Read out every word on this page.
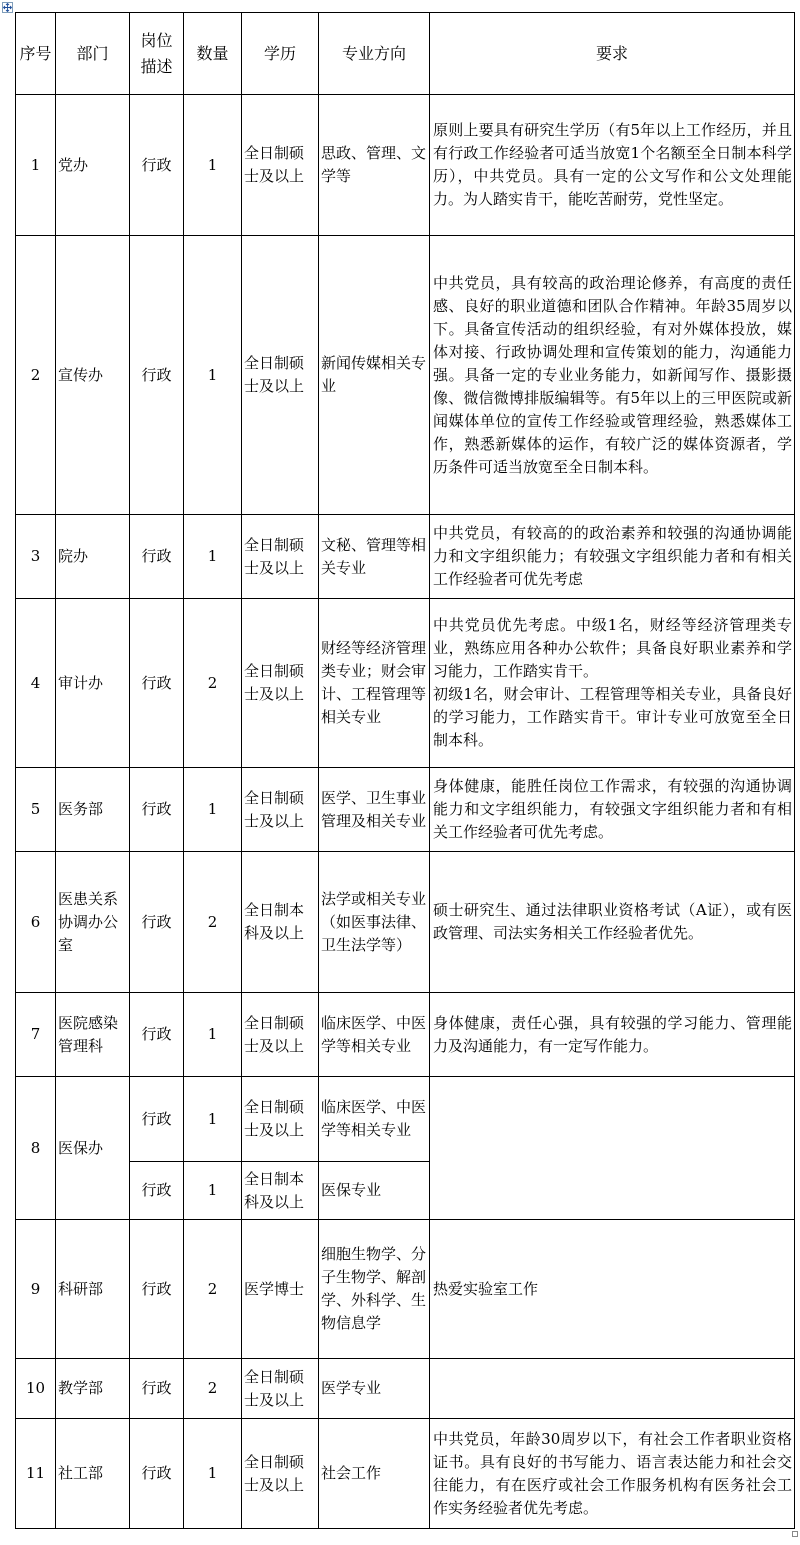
序号	部门	岗位描述	数量	学历	专业方向	要求
1	党办	行政	1	全日制硕士及以上	思政、管理、文学等	原则上要具有研究生学历（有5年以上工作经历，并且有行政工作经验者可适当放宽1个名额至全日制本科学历），中共党员。具有一定的公文写作和公文处理能力。为人踏实肯干，能吃苦耐劳，党性坚定。
2	宣传办	行政	1	全日制硕士及以上	新闻传媒相关专业	中共党员，具有较高的政治理论修养，有高度的责任感、良好的职业道德和团队合作精神。年龄35周岁以下。具备宣传活动的组织经验，有对外媒体投放，媒体对接、行政协调处理和宣传策划的能力，沟通能力强。具备一定的专业业务能力，如新闻写作、摄影摄像、微信微博排版编辑等。有5年以上的三甲医院或新闻媒体单位的宣传工作经验或管理经验，熟悉媒体工作，熟悉新媒体的运作，有较广泛的媒体资源者，学历条件可适当放宽至全日制本科。
3	院办	行政	1	全日制硕士及以上	文秘、管理等相关专业	中共党员，有较高的的政治素养和较强的沟通协调能力和文字组织能力；有较强文字组织能力者和有相关工作经验者可优先考虑
4	审计办	行政	2	全日制硕士及以上	财经等经济管理类专业；财会审计、工程管理等相关专业	中共党员优先考虑。中级1名，财经等经济管理类专业，熟练应用各种办公软件；具备良好职业素养和学习能力，工作踏实肯干。
初级1名，财会审计、工程管理等相关专业，具备良好的学习能力，工作踏实肯干。审计专业可放宽至全日制本科。

5	医务部	行政	1	全日制硕士及以上	医学、卫生事业管理及相关专业	身体健康，能胜任岗位工作需求，有较强的沟通协调能力和文字组织能力，有较强文字组织能力者和有相关工作经验者可优先考虑。
6	医患关系协调办公室	行政	2	全日制本科及以上	法学或相关专业（如医事法律、卫生法学等）	硕士研究生、通过法律职业资格考试（A证），或有医政管理、司法实务相关工作经验者优先。
7	医院感染管理科	行政	1	全日制硕士及以上	临床医学、中医学等相关专业	身体健康，责任心强，具有较强的学习能力、管理能力及沟通能力，有一定写作能力。
8	医保办	行政	1	全日制硕士及以上	临床医学、中医学等相关专业	
		行政	1	全日制本科及以上	医保专业	
9	科研部	行政	2	医学博士	细胞生物学、分子生物学、解剖学、外科学、生物信息学	热爱实验室工作
10	教学部	行政	2	全日制硕士及以上	医学专业	
11	社工部	行政	1	全日制硕士及以上	社会工作	中共党员，年龄30周岁以下，有社会工作者职业资格证书。具有良好的书写能力、语言表达能力和社会交往能力，有在医疗或社会工作服务机构有医务社会工作实务经验者优先考虑。
